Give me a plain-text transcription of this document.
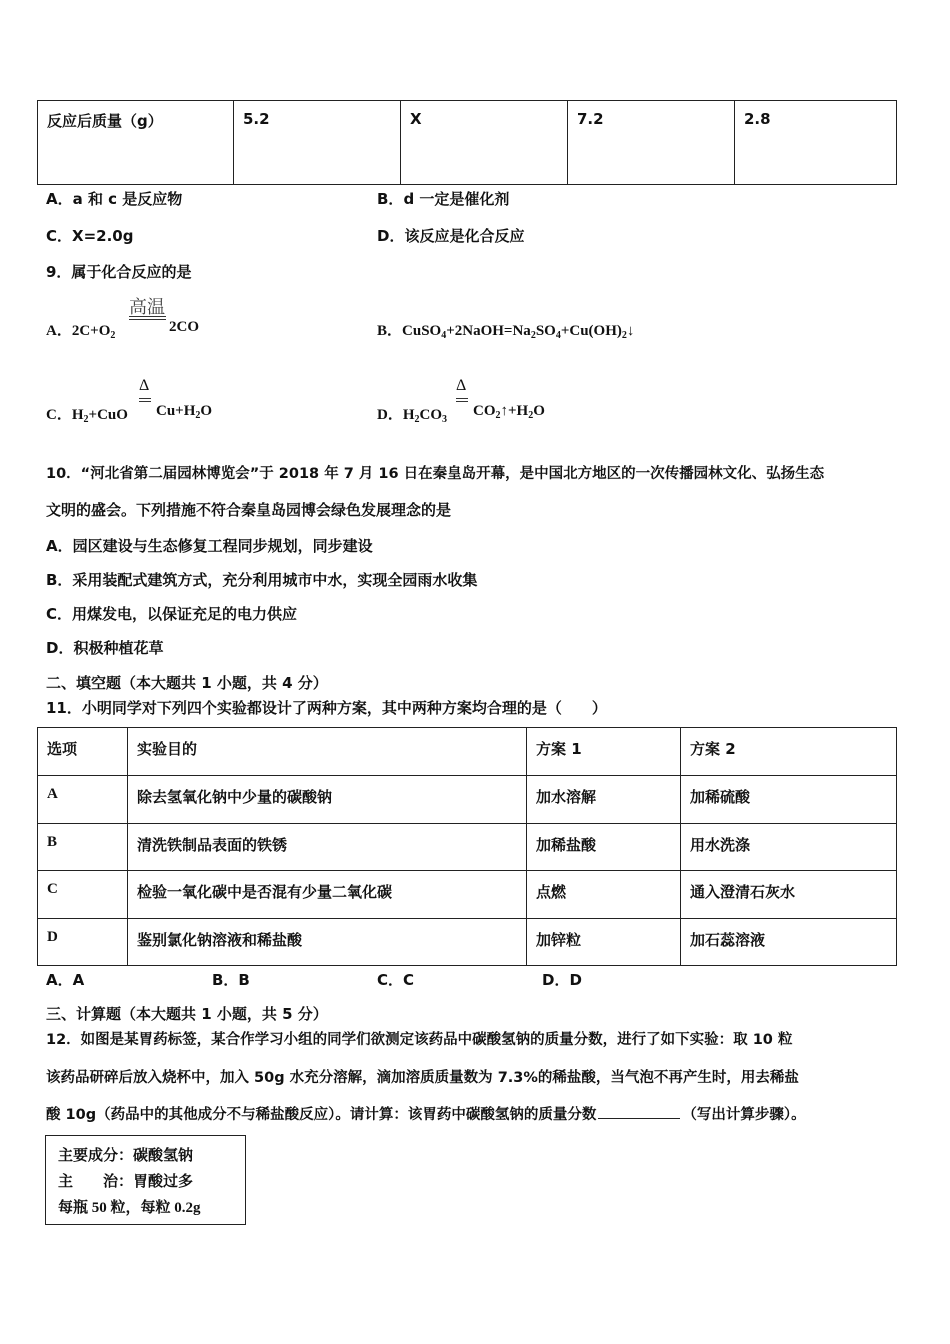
反应后质量（g）	5.2	X	7.2	2.8
A．a 和 c 是反应物	B．d 一定是催化剂
C．X=2.0g	D．该反应是化合反应
9．属于化合反应的是
A．$2C+O_2$
高温
2CO	B．$CuSO_4+2NaOH=Na_2SO_4+Cu(OH)_2↓$
C．$H_2+CuO$
Δ
$Cu+H_2O$	D．$H_2CO_3$
Δ
$CO_2↑+H_2O$
10．“河北省第二届园林博览会”于 2018 年 7 月 16 日在秦皇岛开幕，是中国北方地区的一次传播园林文化、弘扬生态
文明的盛会。下列措施不符合秦皇岛园博会绿色发展理念的是
A．园区建设与生态修复工程同步规划，同步建设
B．采用装配式建筑方式，充分利用城市中水，实现全园雨水收集
C．用煤发电，以保证充足的电力供应
D．积极种植花草
二、填空题（本大题共 1 小题，共 4 分）
11．小明同学对下列四个实验都设计了两种方案，其中两种方案均合理的是（　　）
选项	实验目的	方案 1	方案 2
A	除去氢氧化钠中少量的碳酸钠	加水溶解	加稀硫酸
B	清洗铁制品表面的铁锈	加稀盐酸	用水洗涤
C	检验一氧化碳中是否混有少量二氧化碳	点燃	通入澄清石灰水
D	鉴别氯化钠溶液和稀盐酸	加锌粒	加石蕊溶液
A．A	B．B	C．C	D．D
三、计算题（本大题共 1 小题，共 5 分）
12．如图是某胃药标签，某合作学习小组的同学们欲测定该药品中碳酸氢钠的质量分数，进行了如下实验：取 10 粒
该药品研碎后放入烧杯中，加入 50g 水充分溶解，滴加溶质质量数为 7.3%的稀盐酸，当气泡不再产生时，用去稀盐
酸 10g（药品中的其他成分不与稀盐酸反应）。请计算：该胃药中碳酸氢钠的质量分数	（写出计算步骤）。
主要成分：碳酸氢钠
主　　治：胃酸过多
每瓶 50 粒，每粒 0.2g
